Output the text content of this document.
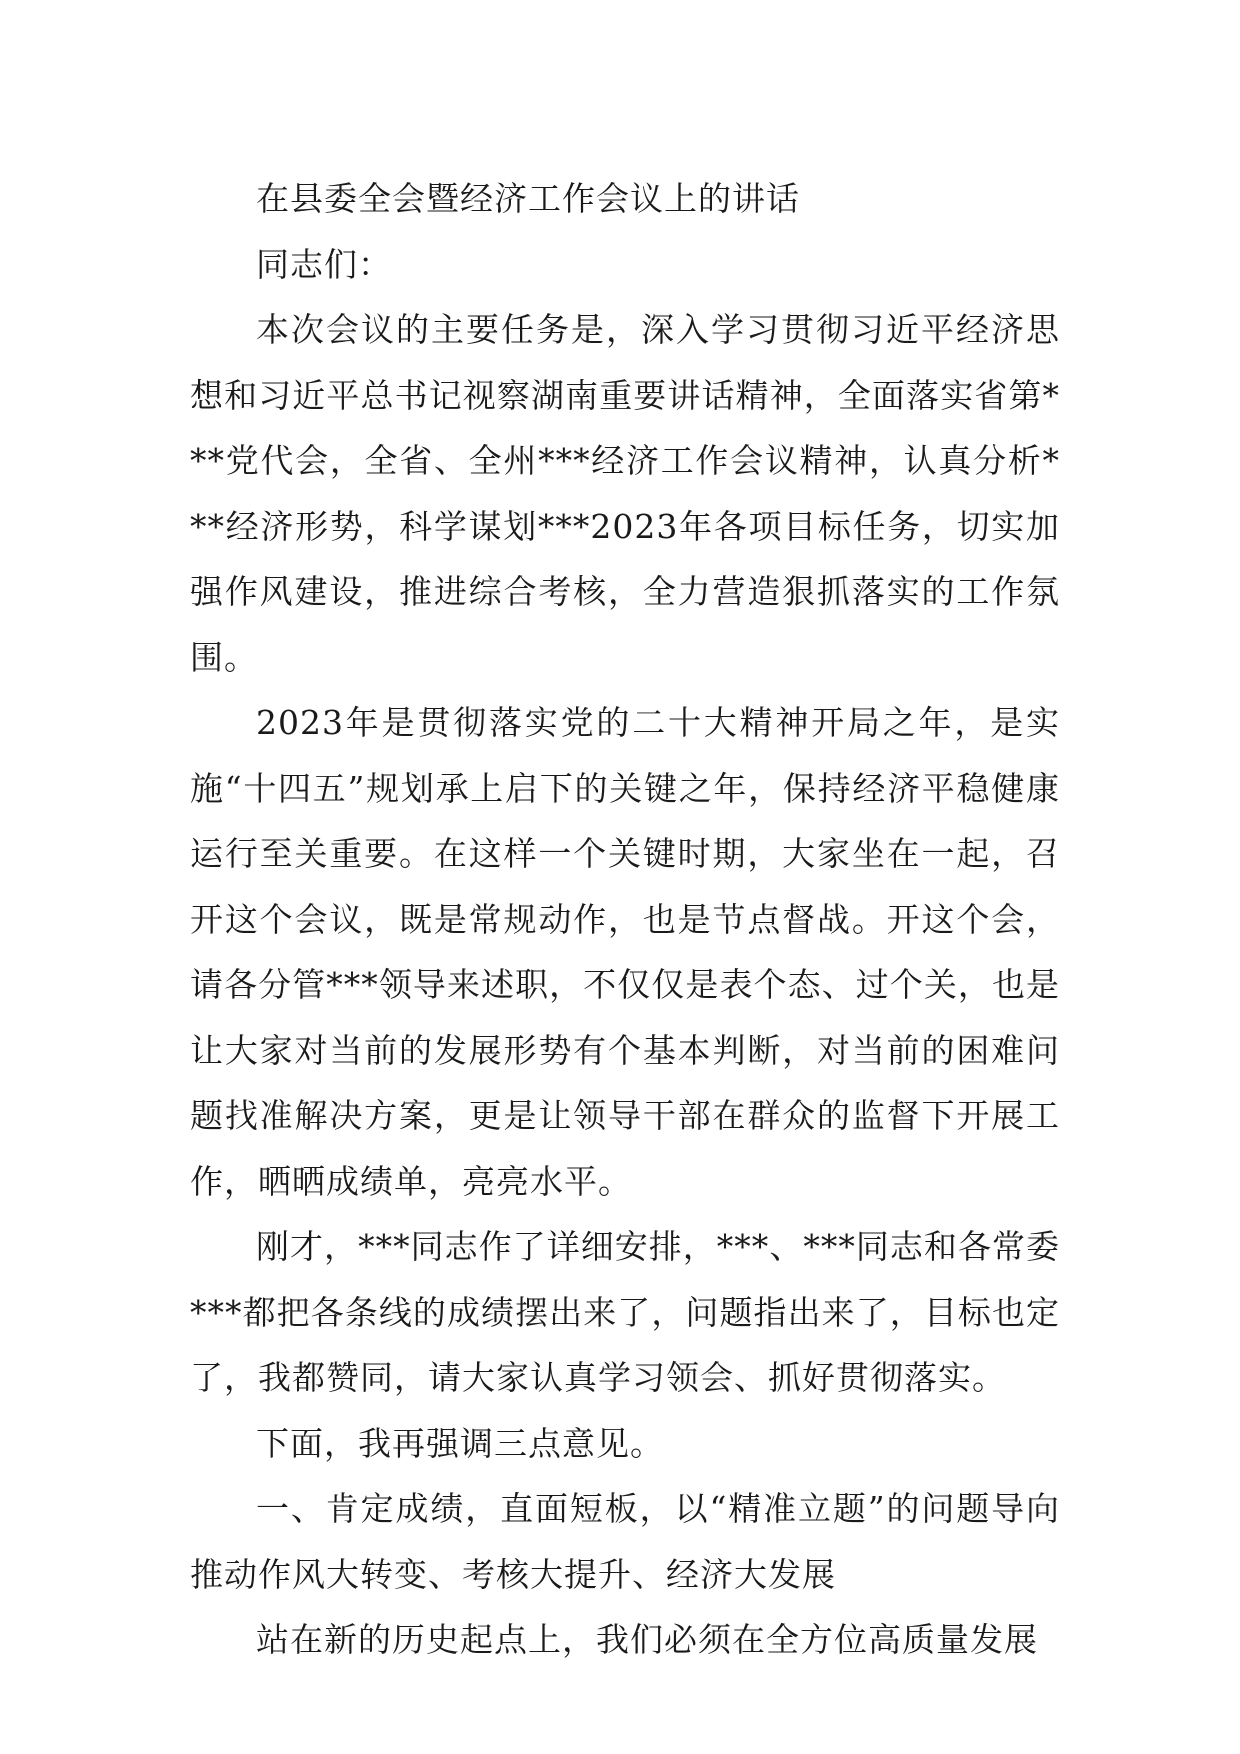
在县委全会暨经济工作会议上的讲话

同志们：

本次会议的主要任务是，深入学习贯彻习近平经济思想和习近平总书记视察湖南重要讲话精神，全面落实省第***党代会，全省、全州***经济工作会议精神，认真分析***经济形势，科学谋划***2023年各项目标任务，切实加强作风建设，推进综合考核，全力营造狠抓落实的工作氛围。

2023年是贯彻落实党的二十大精神开局之年，是实施“十四五”规划承上启下的关键之年，保持经济平稳健康运行至关重要。在这样一个关键时期，大家坐在一起，召开这个会议，既是常规动作，也是节点督战。开这个会，请各分管***领导来述职，不仅仅是表个态、过个关，也是让大家对当前的发展形势有个基本判断，对当前的困难问题找准解决方案，更是让领导干部在群众的监督下开展工作，晒晒成绩单，亮亮水平。

刚才，***同志作了详细安排，***、***同志和各常委***都把各条线的成绩摆出来了，问题指出来了，目标也定了，我都赞同，请大家认真学习领会、抓好贯彻落实。

下面，我再强调三点意见。

一、肯定成绩，直面短板，以“精准立题”的问题导向推动作风大转变、考核大提升、经济大发展

站在新的历史起点上，我们必须在全方位高质量发展
